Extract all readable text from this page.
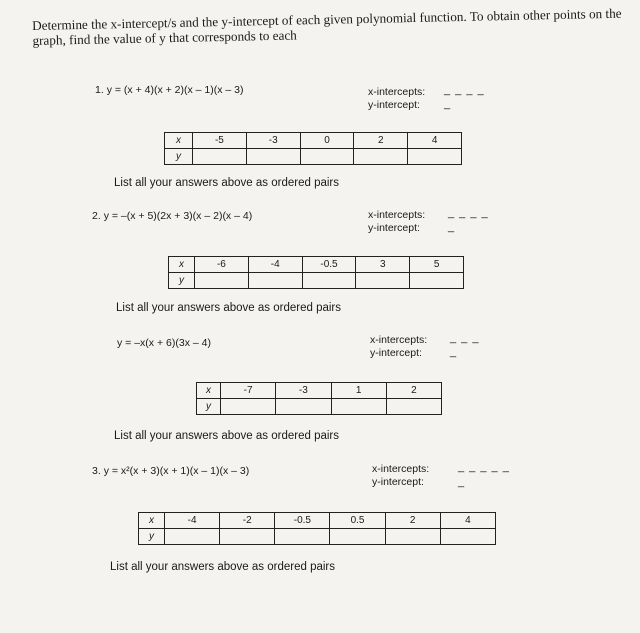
Determine the x-intercept/s and the y-intercept of each given polynomial function. To obtain other points on the graph, find the value of y that corresponds to each
1. y = (x + 4)(x + 2)(x – 1)(x – 3)	x-intercepts:
y-intercept:
_ _ _ _
_
x	-5	-3	0	2	4
y					
List all your answers above as ordered pairs
2. y = –(x + 5)(2x + 3)(x – 2)(x – 4)	x-intercepts:
y-intercept:
_ _ _ _
_
x	-6	-4	-0.5	3	5
y					
List all your answers above as ordered pairs
y = –x(x + 6)(3x – 4)	x-intercepts:
y-intercept:
_ _ _
_
x	-7	-3	1	2
y				
List all your answers above as ordered pairs
3. y = x²(x + 3)(x + 1)(x – 1)(x – 3)	x-intercepts:
y-intercept:
_ _ _ _ _
_
x	-4	-2	-0.5	0.5	2	4
y						
List all your answers above as ordered pairs
